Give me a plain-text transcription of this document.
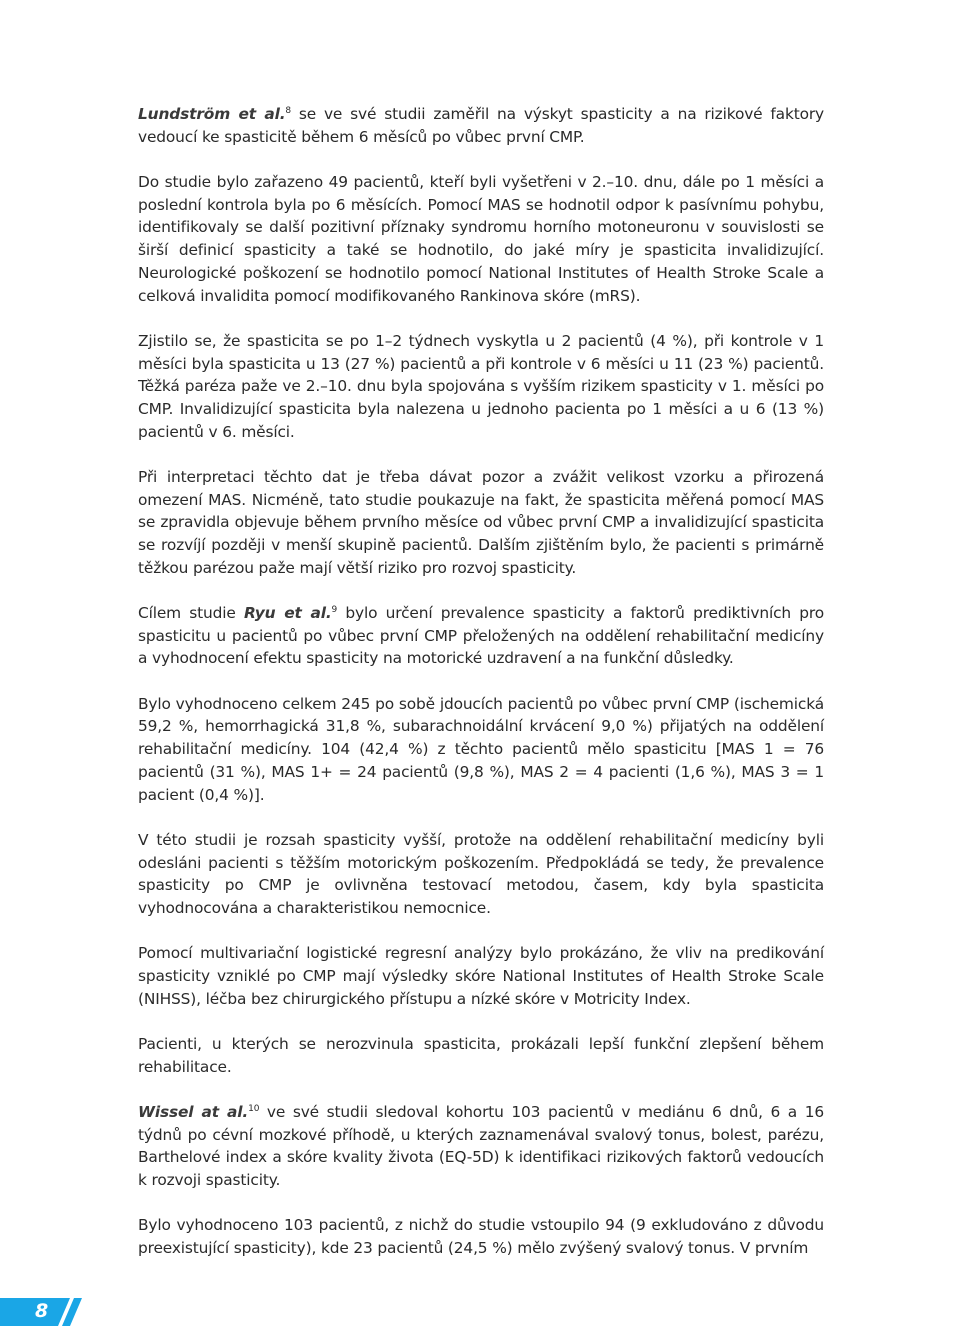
Lundström et al.$^8$ se ve své studii zaměřil na výskyt spasticity a na rizikové faktory vedoucí ke spasticitě během 6 měsíců po vůbec první CMP.

Do studie bylo zařazeno 49 pacientů, kteří byli vyšetřeni v 2.–10. dnu, dále po 1 měsíci a poslední kontrola byla po 6 měsících. Pomocí MAS se hodnotil odpor k pasívnímu pohybu, identifikovaly se další pozitivní příznaky syndromu horního motoneuronu v souvislosti se širší definicí spasticity a také se hodnotilo, do jaké míry je spasticita invalidizující. Neurologické poškození se hodnotilo pomocí National Institutes of Health Stroke Scale a celková invalidita pomocí modifikovaného Rankinova skóre (mRS).

Zjistilo se, že spasticita se po 1–2 týdnech vyskytla u 2 pacientů (4 %), při kontrole v 1 měsíci byla spasticita u 13 (27 %) pacientů a při kontrole v 6 měsíci u 11 (23 %) pacientů. Těžká paréza paže ve 2.–10. dnu byla spojována s vyšším rizikem spasticity v 1. měsíci po CMP. Invalidizující spasticita byla nalezena u jednoho pacienta po 1 měsíci a u 6 (13 %) pacientů v 6. měsíci.

Při interpretaci těchto dat je třeba dávat pozor a zvážit velikost vzorku a přirozená omezení MAS. Nicméně, tato studie poukazuje na fakt, že spasticita měřená pomocí MAS se zpravidla objevuje během prvního měsíce od vůbec první CMP a invalidizující spasticita se rozvíjí později v menší skupině pacientů. Dalším zjištěním bylo, že pacienti s primárně těžkou parézou paže mají větší riziko pro rozvoj spasticity.

Cílem studie Ryu et al.$^9$ bylo určení prevalence spasticity a faktorů prediktivních pro spasticitu u pacientů po vůbec první CMP přeložených na oddělení rehabilitační medicíny a vyhodnocení efektu spasticity na motorické uzdravení a na funkční důsledky.

Bylo vyhodnoceno celkem 245 po sobě jdoucích pacientů po vůbec první CMP (ischemická 59,2 %, hemorrhagická 31,8 %, subarachnoidální krvácení 9,0 %) přijatých na oddělení rehabilitační medicíny. 104 (42,4 %) z těchto pacientů mělo spasticitu [MAS 1 = 76 pacientů (31 %), MAS 1+ = 24 pacientů (9,8 %), MAS 2 = 4 pacienti (1,6 %), MAS 3 = 1 pacient (0,4 %)].

V této studii je rozsah spasticity vyšší, protože na oddělení rehabilitační medicíny byli odesláni pacienti s těžším motorickým poškozením. Předpokládá se tedy, že prevalence spasticity po CMP je ovlivněna testovací metodou, časem, kdy byla spasticita vyhodnocována a charakteristikou nemocnice.

Pomocí multivariační logistické regresní analýzy bylo prokázáno, že vliv na predikování spasticity vzniklé po CMP mají výsledky skóre National Institutes of Health Stroke Scale (NIHSS), léčba bez chirurgického přístupu a nízké skóre v Motricity Index.

Pacienti, u kterých se nerozvinula spasticita, prokázali lepší funkční zlepšení během rehabilitace.

Wissel at al.$^{10}$ ve své studii sledoval kohortu 103 pacientů v mediánu 6 dnů, 6 a 16 týdnů po cévní mozkové příhodě, u kterých zaznamenával svalový tonus, bolest, parézu, Barthelové index a skóre kvality života (EQ-5D) k identifikaci rizikových faktorů vedoucích k rozvoji spasticity.

Bylo vyhodnoceno 103 pacientů, z nichž do studie vstoupilo 94 (9 exkludováno z důvodu preexistující spasticity), kde 23 pacientů (24,5 %) mělo zvýšený svalový tonus. V prvním

8
